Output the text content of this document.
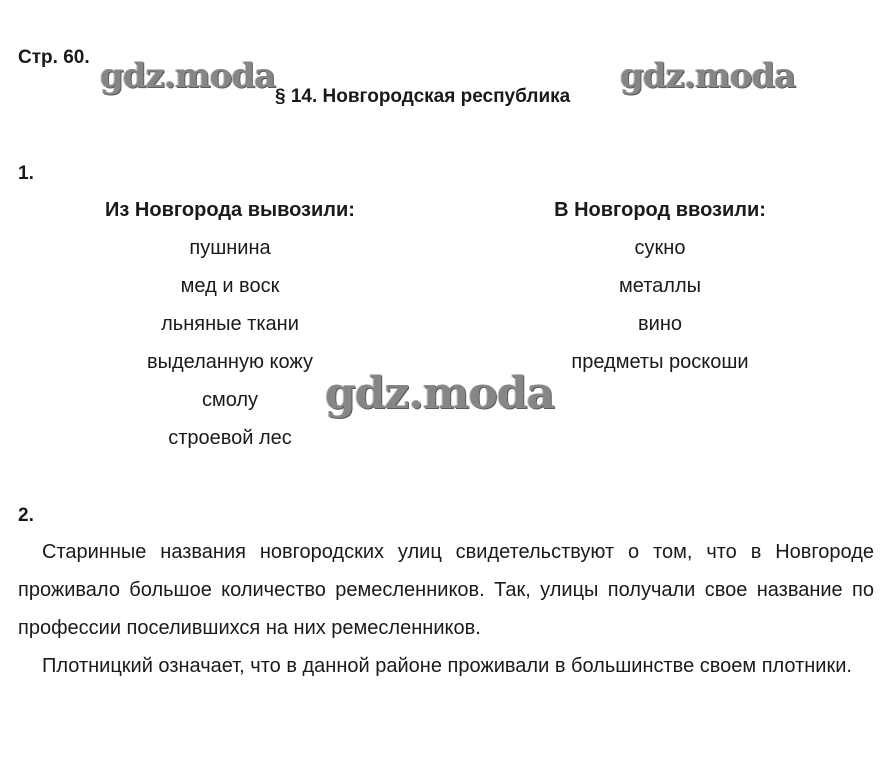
Стр. 60. gdz.moda
§ 14. Новгородская республика
gdz.moda
1.
Из Новгорода вывозили:
пушнина
мед и воск
льняные ткани
выделанную кожу
смолу
строевой лес
В Новгород ввозили:
сукно
металлы
вино
предметы роскоши
gdz.moda
2.

Старинные названия новгородских улиц свидетельствуют о том, что в Новгороде проживало большое количество ремесленников. Так, улицы получали свое название по профессии поселившихся на них ремесленников.

Плотницкий означает, что в данной районе проживали в большинстве своем плотники.
